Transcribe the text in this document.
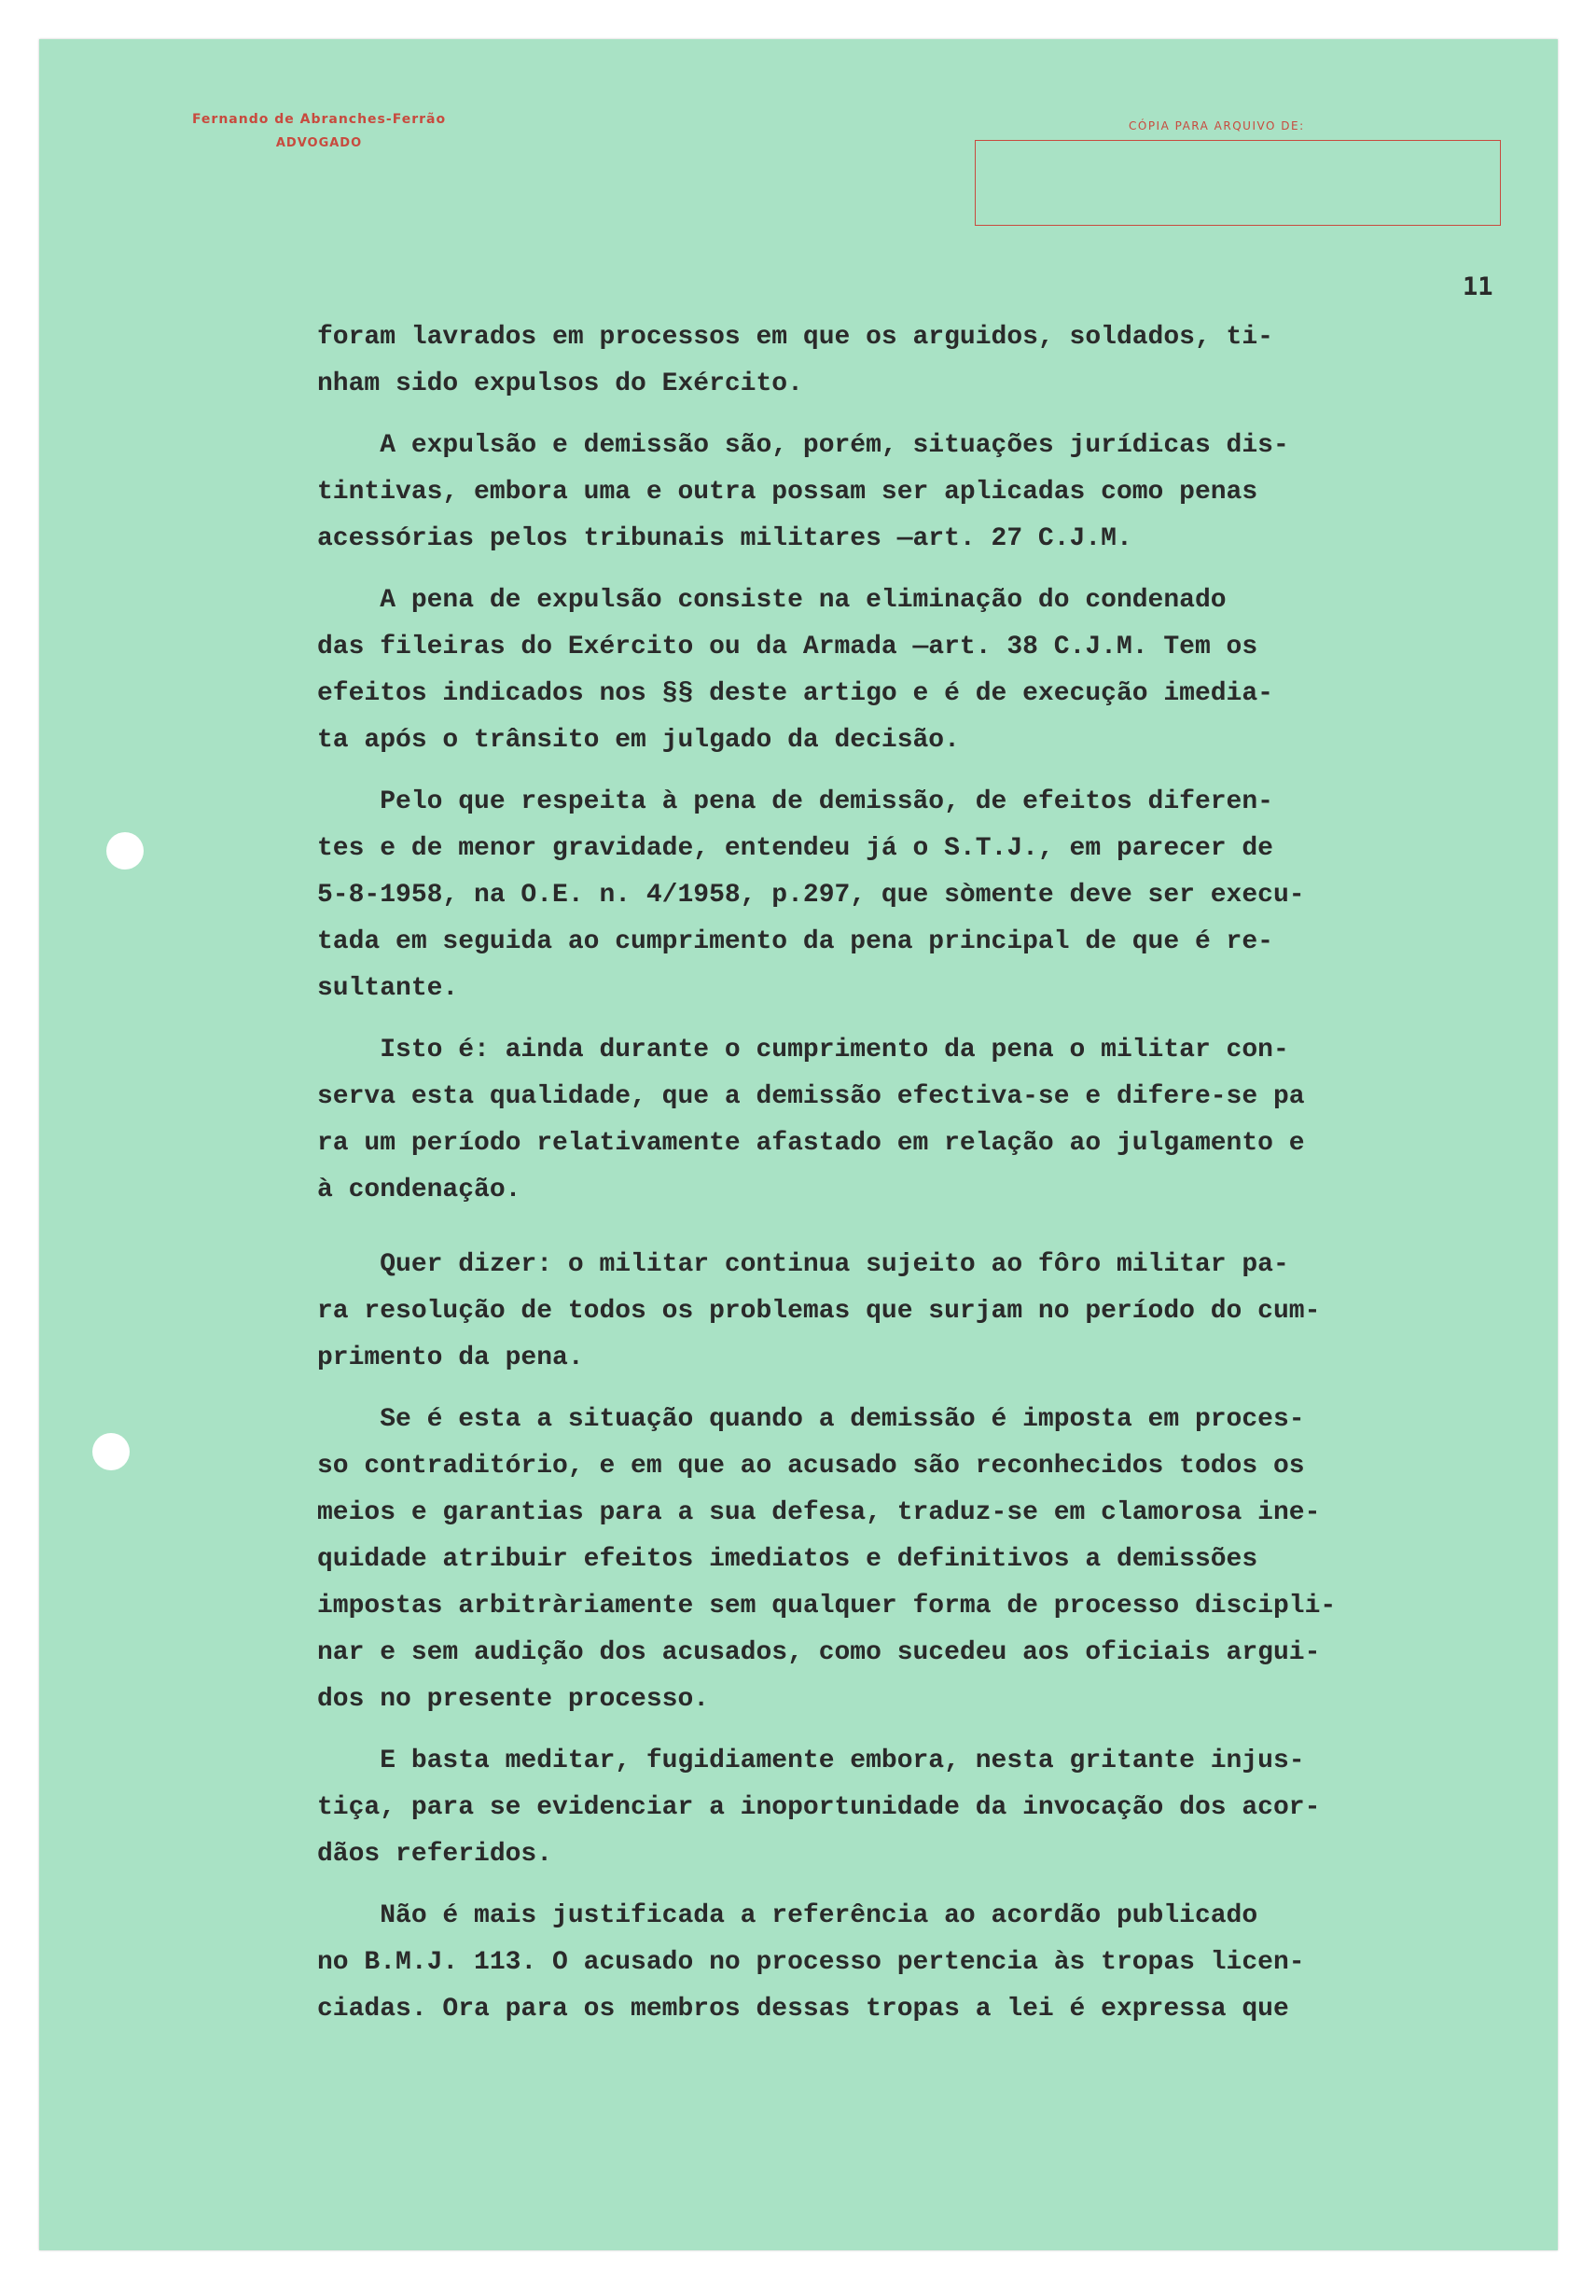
Fernando de Abranches-Ferrão
ADVOGADO
CÓPIA PARA ARQUIVO DE:
11
foram lavrados em processos em que os arguidos, soldados, ti-
nham sido expulsos do Exército.
A expulsão e demissão são, porém, situações jurídicas dis-
tintivas, embora uma e outra possam ser aplicadas como penas
acessórias pelos tribunais militares —art. 27 C.J.M.
A pena de expulsão consiste na eliminação do condenado
das fileiras do Exército ou da Armada —art. 38 C.J.M. Tem os
efeitos indicados nos §§ deste artigo e é de execução imedia-
ta após o trânsito em julgado da decisão.
Pelo que respeita à pena de demissão, de efeitos diferen-
tes e de menor gravidade, entendeu já o S.T.J., em parecer de
5-8-1958, na O.E. n. 4/1958, p.297, que sòmente deve ser execu-
tada em seguida ao cumprimento da pena principal de que é re-
sultante.
Isto é: ainda durante o cumprimento da pena o militar con-
serva esta qualidade, que a demissão efectiva-se e difere-se pa
ra um período relativamente afastado em relação ao julgamento e
à condenação.
Quer dizer: o militar continua sujeito ao fôro militar pa-
ra resolução de todos os problemas que surjam no período do cum-
primento da pena.
Se é esta a situação quando a demissão é imposta em proces-
so contraditório, e em que ao acusado são reconhecidos todos os
meios e garantias para a sua defesa, traduz-se em clamorosa ine-
quidade atribuir efeitos imediatos e definitivos a demissões
impostas arbitràriamente sem qualquer forma de processo discipli-
nar e sem audição dos acusados, como sucedeu aos oficiais argui-
dos no presente processo.
E basta meditar, fugidiamente embora, nesta gritante injus-
tiça, para se evidenciar a inoportunidade da invocação dos acor-
dãos referidos.
Não é mais justificada a referência ao acordão publicado
no B.M.J. 113. O acusado no processo pertencia às tropas licen-
ciadas. Ora para os membros dessas tropas a lei é expressa que
